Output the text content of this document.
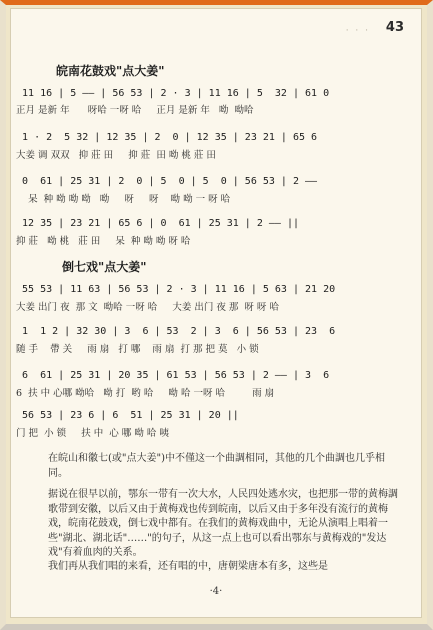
· · · 43
皖南花鼓戏"点大姜"
11 16 | 5 —— | 56 53 | 2 · 3 | 11 16 | 5  32 | 61 0
正月 是新 年      呀哈 一呀 哈     正月 是新 年   呦  呦哈
1 · 2  5 32 | 12 35 | 2  0 | 12 35 | 23 21 | 65 6
大姜 调 双双   抑 莊 田     抑 莊  田 呦 桃 莊 田
0  61 | 25 31 | 2  0 | 5  0 | 5  0 | 56 53 | 2 ——
呆  种 呦 呦 呦   呦     呀     呀    呦 呦 一 呀 哈
12 35 | 23 21 | 65 6 | 0  61 | 25 31 | 2 —— ||
抑 莊   呦 桃   莊 田     呆  种 呦 呦 呀 哈
倒七戏"点大姜"
55 53 | 11 63 | 56 53 | 2 · 3 | 11 16 | 5 63 | 21 20
大姜 出门 夜  那 文  呦哈 一呀 哈     大姜 出门 夜 那  呀 呀 哈
1  1 2 | 32 30 | 3  6 | 53  2 | 3  6 | 56 53 | 23  6
随 手    帶 关     雨 扇   打 哪    雨 扇  打 那 把 莫   小 锁
6  61 | 25 31 | 20 35 | 61 53 | 56 53 | 2 —— | 3  6
6  扶 中 心哪 呦哈   呦 打  哟 哈     呦 哈 一呀 哈         雨 扇
56 53 | 23 6 | 6  51 | 25 31 | 20 ||
门 把  小 锁     扶 中  心 哪 呦 哈 咦
在皖山和徽七(或"点大姜")中不僅这一个曲調相同，其他的几个曲調也几乎相同。
据说在很早以前，鄂东一带有一次大水，人民四处逃水灾，也把那一带的黄梅調歌带到安徽，以后又由于黄梅戏也传到皖南，以后又由于多年没有流行的黄梅戏，皖南花鼓戏，倒七戏中都有。在我们的黄梅戏曲中，无论从演唱上唱着一些"湖北、湖北话"……"的句子，从这一点上也可以看出鄂东与黄梅戏的"发达戏"有着血肉的关系。
我们再从我们唱的来看，还有唱的中，唐朝梁唐本有多，这些是
·4·
